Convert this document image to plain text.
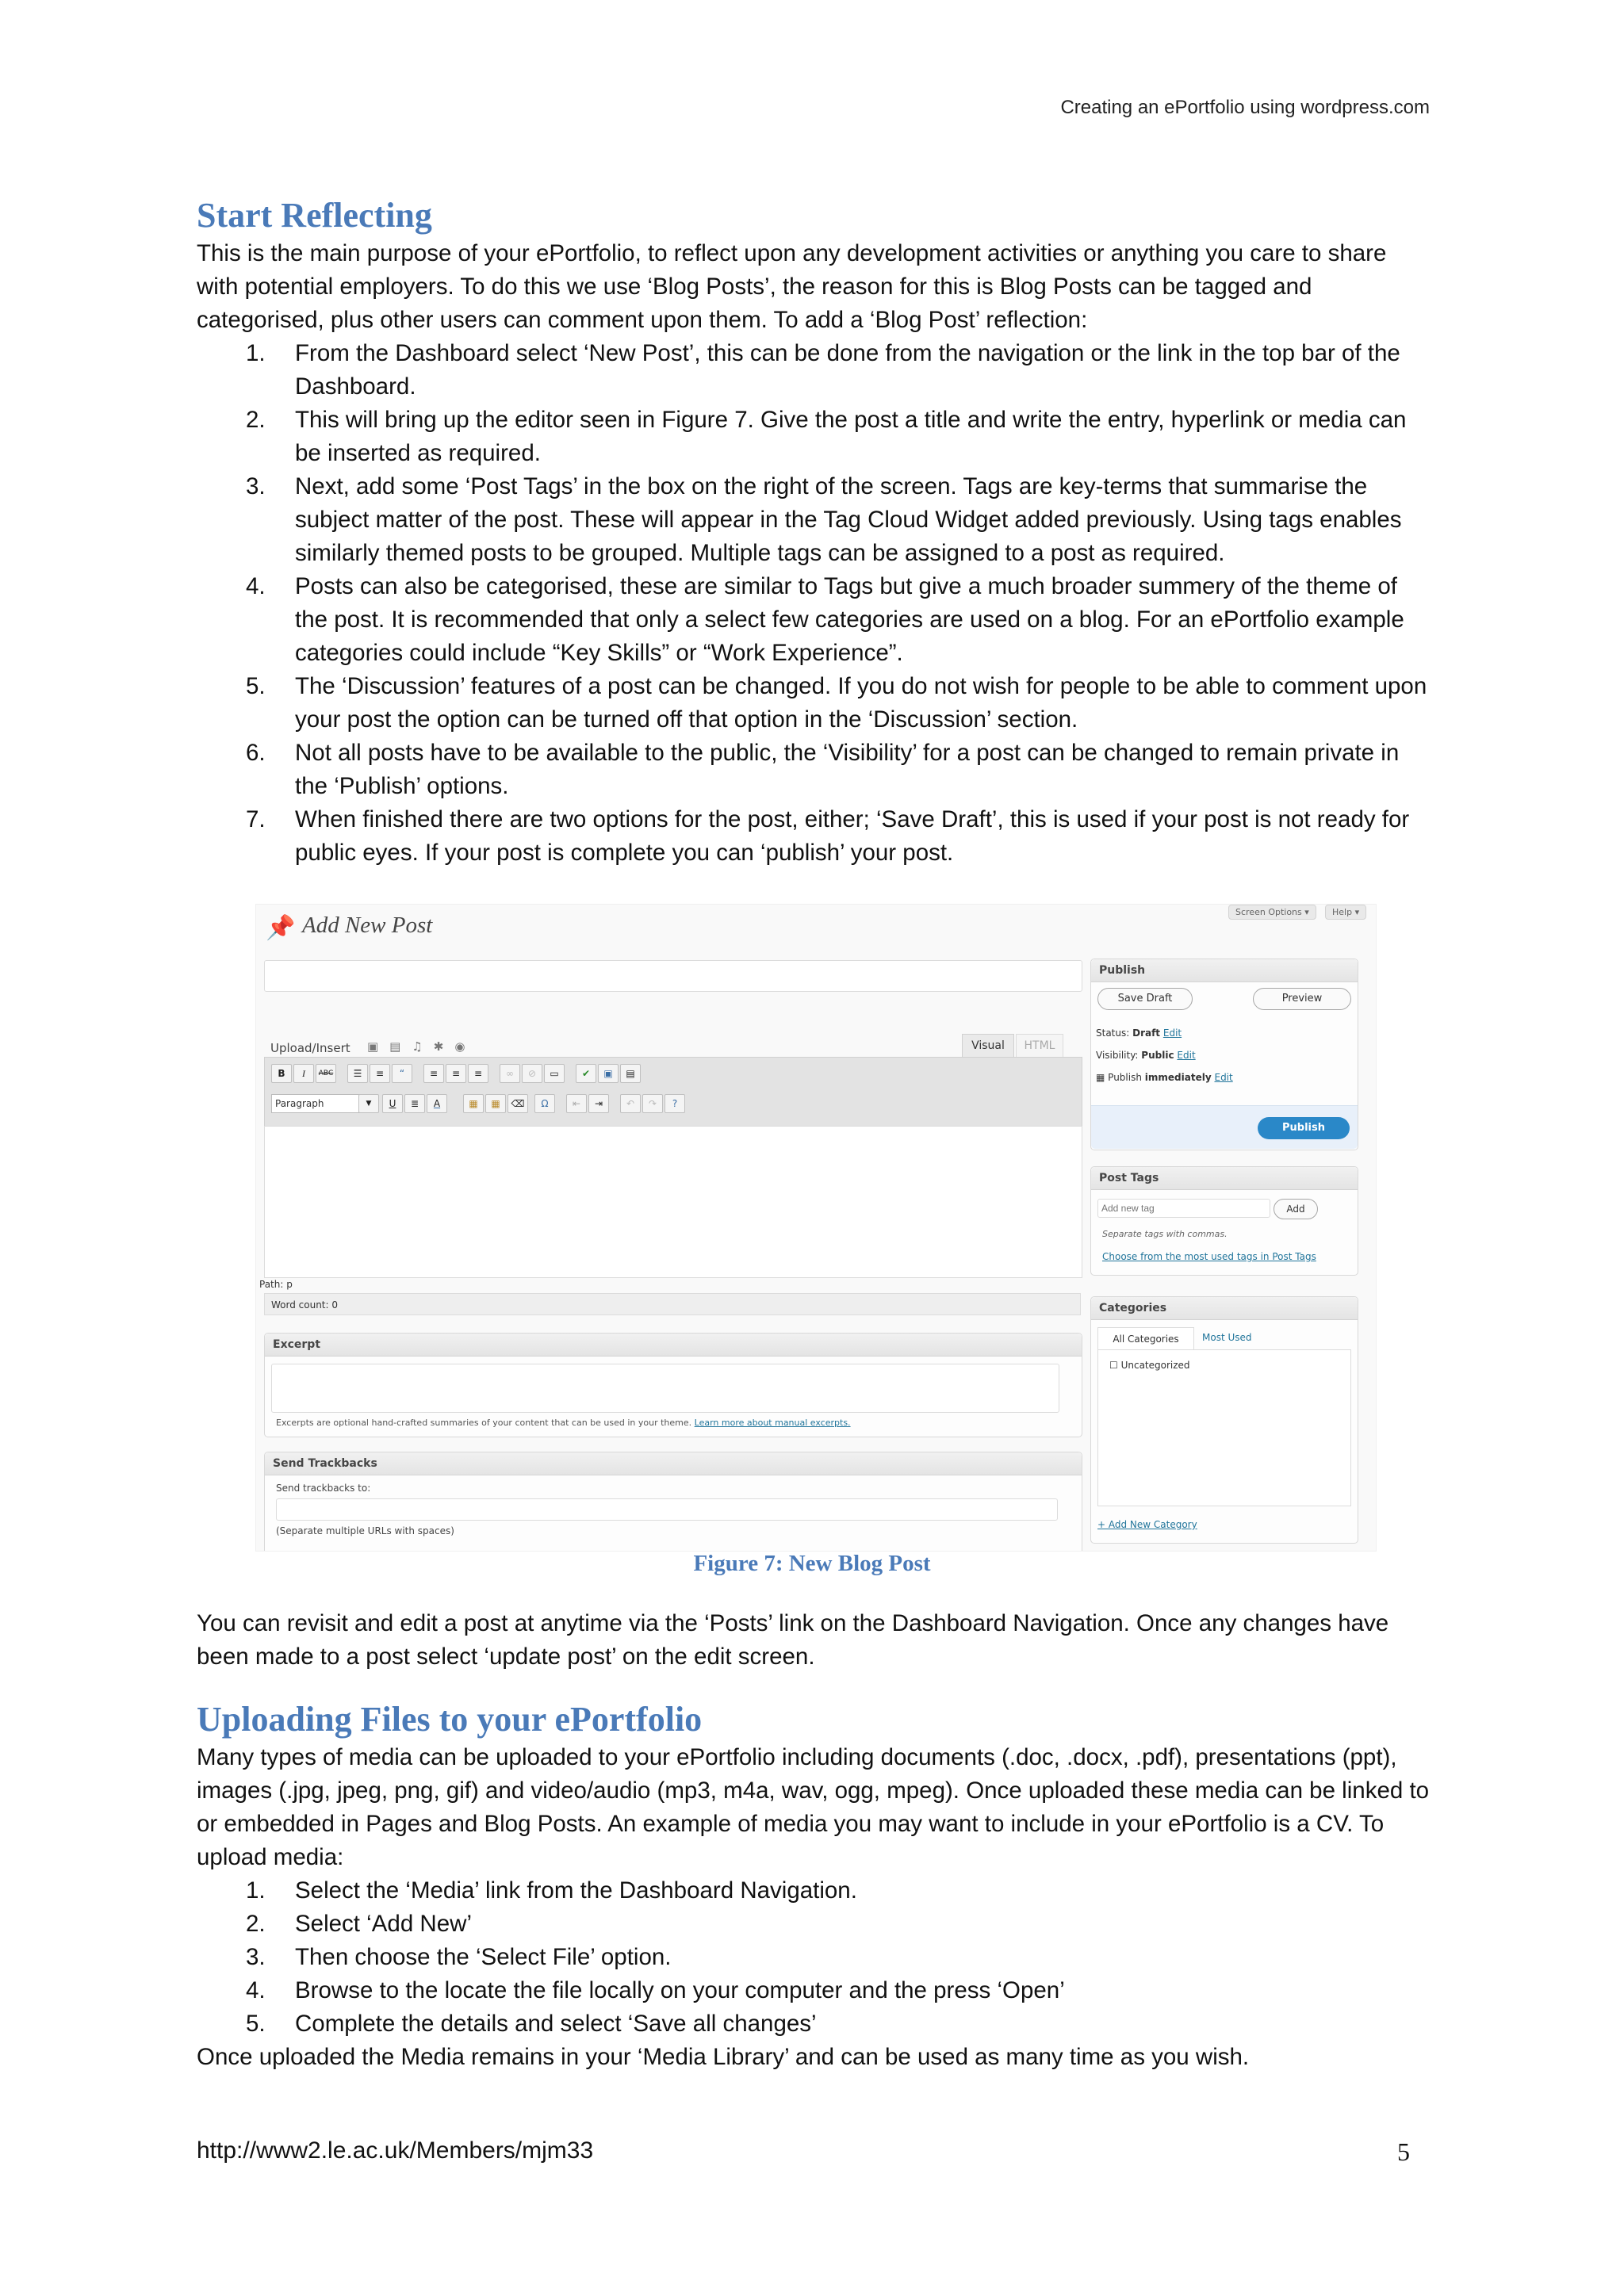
Creating an ePortfolio using wordpress.com
Start Reflecting

This is the main purpose of your ePortfolio, to reflect upon any development activities or anything you care to share with potential employers. To do this we use ‘Blog Posts’, the reason for this is Blog Posts can be tagged and categorised, plus other users can comment upon them. To add a ‘Blog Post’ reflection:

1. From the Dashboard select ‘New Post’, this can be done from the navigation or the link in the top bar of the Dashboard.
2. This will bring up the editor seen in Figure 7. Give the post a title and write the entry, hyperlink or media can be inserted as required.
3. Next, add some ‘Post Tags’ in the box on the right of the screen. Tags are key-terms that summarise the subject matter of the post. These will appear in the Tag Cloud Widget added previously. Using tags enables similarly themed posts to be grouped. Multiple tags can be assigned to a post as required.
4. Posts can also be categorised, these are similar to Tags but give a much broader summery of the theme of the post. It is recommended that only a select few categories are used on a blog. For an ePortfolio example categories could include “Key Skills” or “Work Experience”.
5. The ‘Discussion’ features of a post can be changed. If you do not wish for people to be able to comment upon your post the option can be turned off that option in the ‘Discussion’ section.
6. Not all posts have to be available to the public, the ‘Visibility’ for a post can be changed to remain private in the ‘Publish’ options.
7. When finished there are two options for the post, either; ‘Save Draft’, this is used if your post is not ready for public eyes. If your post is complete you can ‘publish’ your post.
Screen Options ▾	Help ▾
📌 Add New Post
Upload/Insert ▣▤♫✱◉	Visual	HTML
B	I	ABC	☰	≡	“	≡	≡	≡	∞	⊘	▭	✔	▣	▤
Paragraph	▼	U	≣	A	▦	▦	⌫	Ω	⇤	⇥	↶	↷	?
Path: p
Word count: 0
Excerpt
Excerpts are optional hand-crafted summaries of your content that can be used in your theme. Learn more about manual excerpts.
Send Trackbacks
Send trackbacks to:
(Separate multiple URLs with spaces)
Publish
Save Draft	Preview
Status: Draft Edit
Visibility: Public Edit
▦ Publish immediately Edit
Publish
Post Tags
Add new tag
Add
Separate tags with commas.
Choose from the most used tags in Post Tags
Categories
All Categories	Most Used
☐ Uncategorized
+ Add New Category
Figure 7: New Blog Post

You can revisit and edit a post at anytime via the ‘Posts’ link on the Dashboard Navigation. Once any changes have been made to a post select ‘update post’ on the edit screen.

Uploading Files to your ePortfolio

Many types of media can be uploaded to your ePortfolio including documents (.doc, .docx, .pdf), presentations (ppt), images (.jpg, jpeg, png, gif) and video/audio (mp3, m4a, wav, ogg, mpeg). Once uploaded these media can be linked to or embedded in Pages and Blog Posts. An example of media you may want to include in your ePortfolio is a CV. To upload media:

1. Select the ‘Media’ link from the Dashboard Navigation.
2. Select ‘Add New’
3. Then choose the ‘Select File’ option.
4. Browse to the locate the file locally on your computer and the press ‘Open’
5. Complete the details and select ‘Save all changes’

Once uploaded the Media remains in your ‘Media Library’ and can be used as many time as you wish.

http://www2.le.ac.uk/Members/mjm33	5
